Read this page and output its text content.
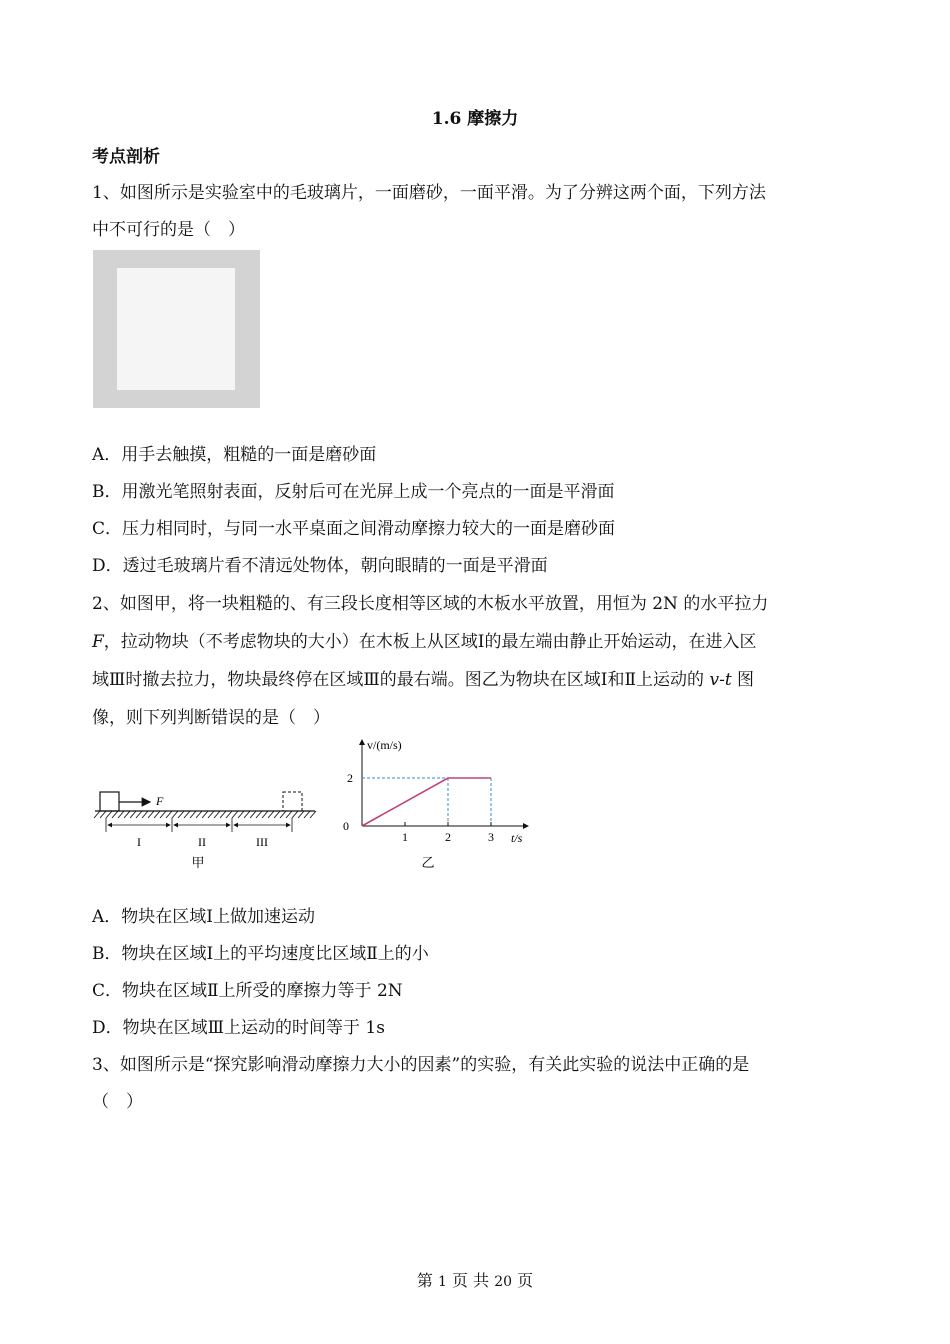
1.6 摩擦力
考点剖析
1、如图所示是实验室中的毛玻璃片，一面磨砂，一面平滑。为了分辨这两个面，下列方法
中不可行的是（　）
A．用手去触摸，粗糙的一面是磨砂面
B．用激光笔照射表面，反射后可在光屏上成一个亮点的一面是平滑面
C．压力相同时，与同一水平桌面之间滑动摩擦力较大的一面是磨砂面
D．透过毛玻璃片看不清远处物体，朝向眼睛的一面是平滑面
2、如图甲，将一块粗糙的、有三段长度相等区域的木板水平放置，用恒为 2N 的水平拉力
F，拉动物块（不考虑物块的大小）在木板上从区域Ⅰ的最左端由静止开始运动，在进入区
域Ⅲ时撤去拉力，物块最终停在区域Ⅲ的最右端。图乙为物块在区域Ⅰ和Ⅱ上运动的 v-t 图
像，则下列判断错误的是（　）
F
I	II	III
甲
v/(m/s)
t/s
0
1	2	3
2
乙
A．物块在区域Ⅰ上做加速运动
B．物块在区域Ⅰ上的平均速度比区域Ⅱ上的小
C．物块在区域Ⅱ上所受的摩擦力等于 2N
D．物块在区域Ⅲ上运动的时间等于 1s
3、如图所示是“探究影响滑动摩擦力大小的因素”的实验，有关此实验的说法中正确的是
（　）
第 1 页 共 20 页
